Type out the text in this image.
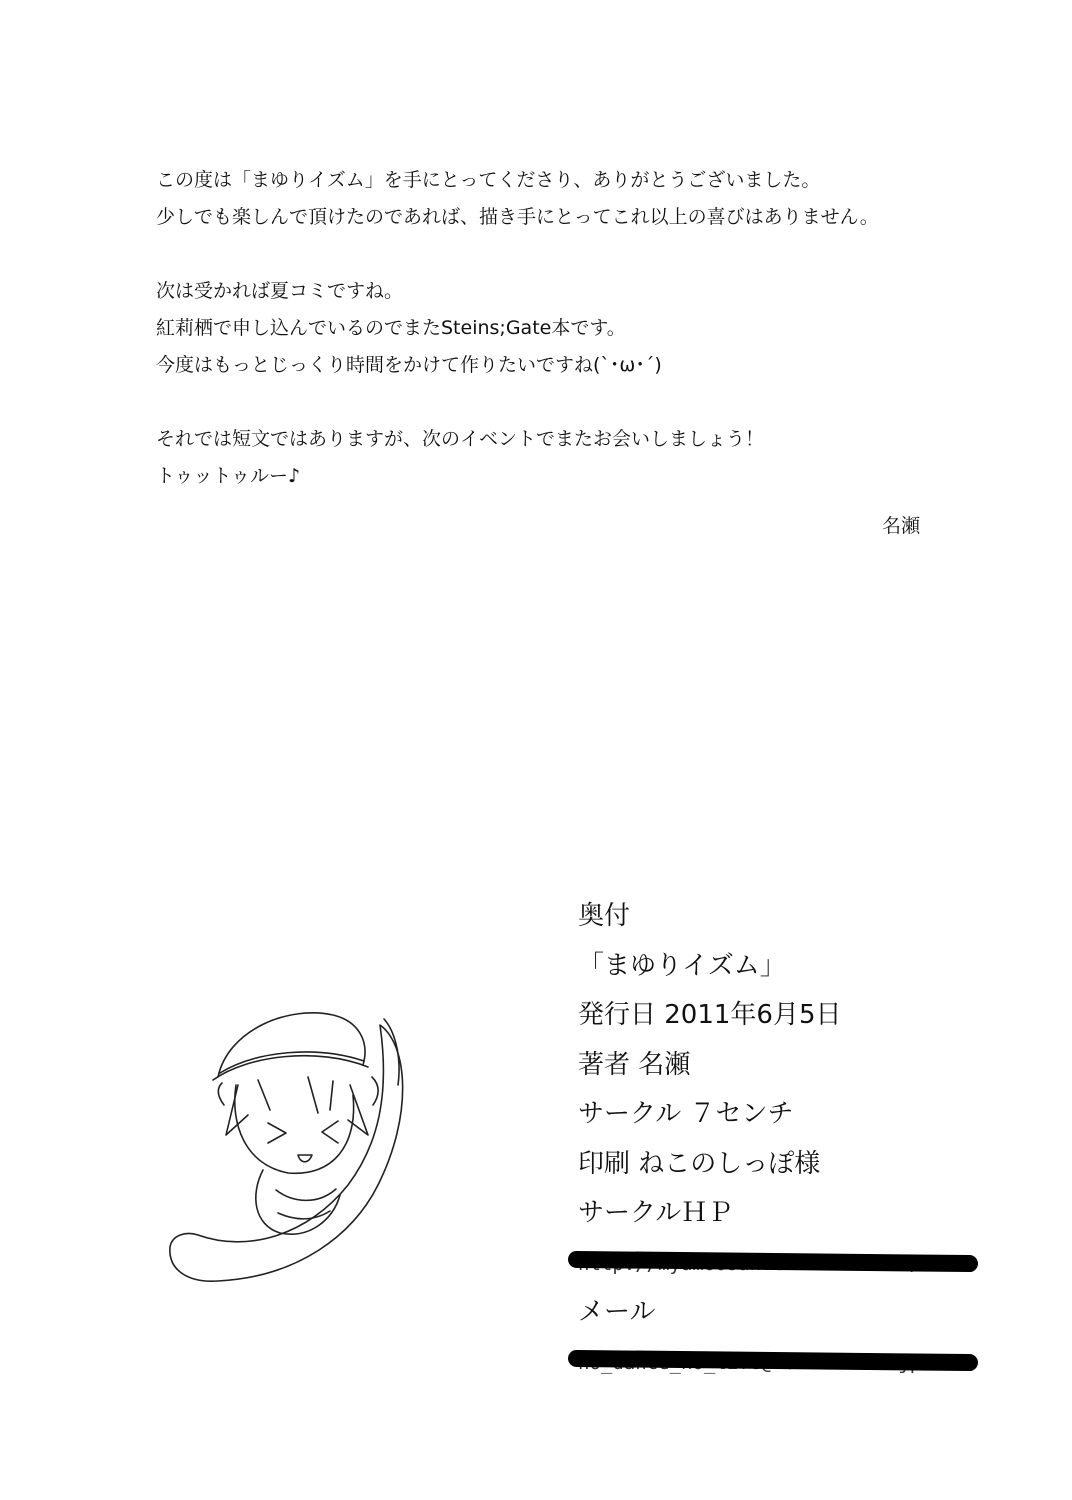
この度は「まゆりイズム」を手にとってくださり、ありがとうございました。

少しでも楽しんで頂けたのであれば、描き手にとってこれ以上の喜びはありません。

次は受かれば夏コミですね。

紅莉栖で申し込んでいるのでまたSteins;Gate本です。

今度はもっとじっくり時間をかけて作りたいですね(`･ω･´)

それでは短文ではありますが、次のイベントでまたお会いしましょう！

トゥットゥルー♪

名瀬
奥付
「まゆりイズム」
発行日 2011年6月5日
著者 名瀬
サークル ７センチ
印刷 ねこのしっぽ様
サークルＨＰ
メール
